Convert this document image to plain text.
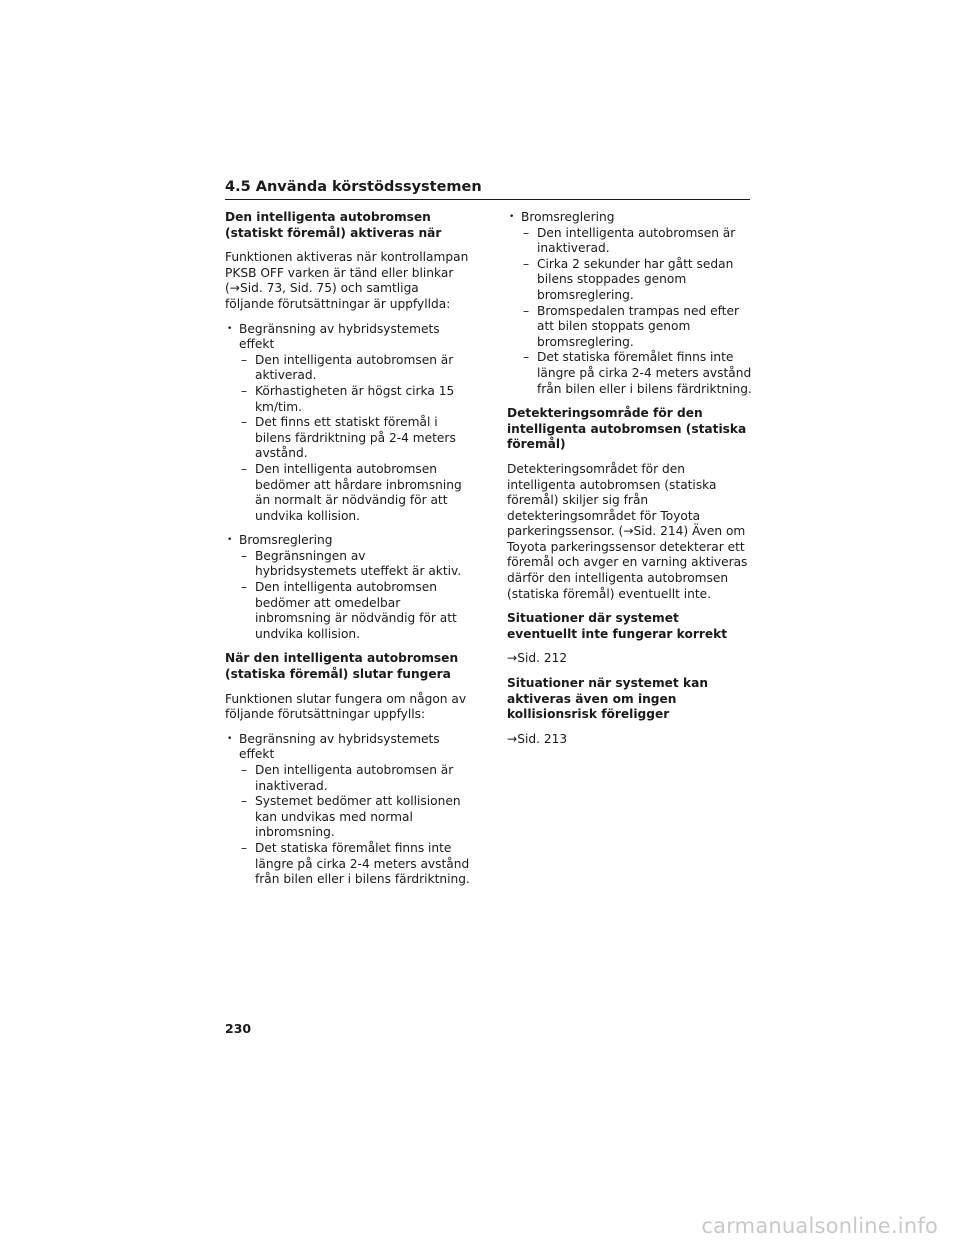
4.5 Använda körstödssystemen
Den intelligenta autobromsen (statiskt föremål) aktiveras när
Funktionen aktiveras när kontrollampan PKSB OFF varken är tänd eller blinkar (→Sid. 73, Sid. 75) och samtliga följande förutsättningar är uppfyllda:
• Begränsning av hybridsystemets effekt
– Den intelligenta autobromsen är aktiverad.
– Körhastigheten är högst cirka 15 km/tim.
– Det finns ett statiskt föremål i bilens färdriktning på 2-4 meters avstånd.
– Den intelligenta autobromsen bedömer att hårdare inbromsning än normalt är nödvändig för att undvika kollision.
• Bromsreglering
– Begränsningen av hybridsystemets uteffekt är aktiv.
– Den intelligenta autobromsen bedömer att omedelbar inbromsning är nödvändig för att undvika kollision.
När den intelligenta autobromsen (statiska föremål) slutar fungera
Funktionen slutar fungera om någon av följande förutsättningar uppfylls:
• Begränsning av hybridsystemets effekt
– Den intelligenta autobromsen är inaktiverad.
– Systemet bedömer att kollisionen kan undvikas med normal inbromsning.
– Det statiska föremålet finns inte längre på cirka 2-4 meters avstånd från bilen eller i bilens färdriktning.
• Bromsreglering
– Den intelligenta autobromsen är inaktiverad.
– Cirka 2 sekunder har gått sedan bilens stoppades genom bromsreglering.
– Bromspedalen trampas ned efter att bilen stoppats genom bromsreglering.
– Det statiska föremålet finns inte längre på cirka 2-4 meters avstånd från bilen eller i bilens färdriktning.
Detekteringsområde för den intelligenta autobromsen (statiska föremål)
Detekteringsområdet för den intelligenta autobromsen (statiska föremål) skiljer sig från detekteringsområdet för Toyota parkeringssensor. (→Sid. 214) Även om Toyota parkeringssensor detekterar ett föremål och avger en varning aktiveras därför den intelligenta autobromsen (statiska föremål) eventuellt inte.
Situationer där systemet eventuellt inte fungerar korrekt
→Sid. 212
Situationer när systemet kan aktiveras även om ingen kollisionsrisk föreligger
→Sid. 213
230
carmanualsonline.info
